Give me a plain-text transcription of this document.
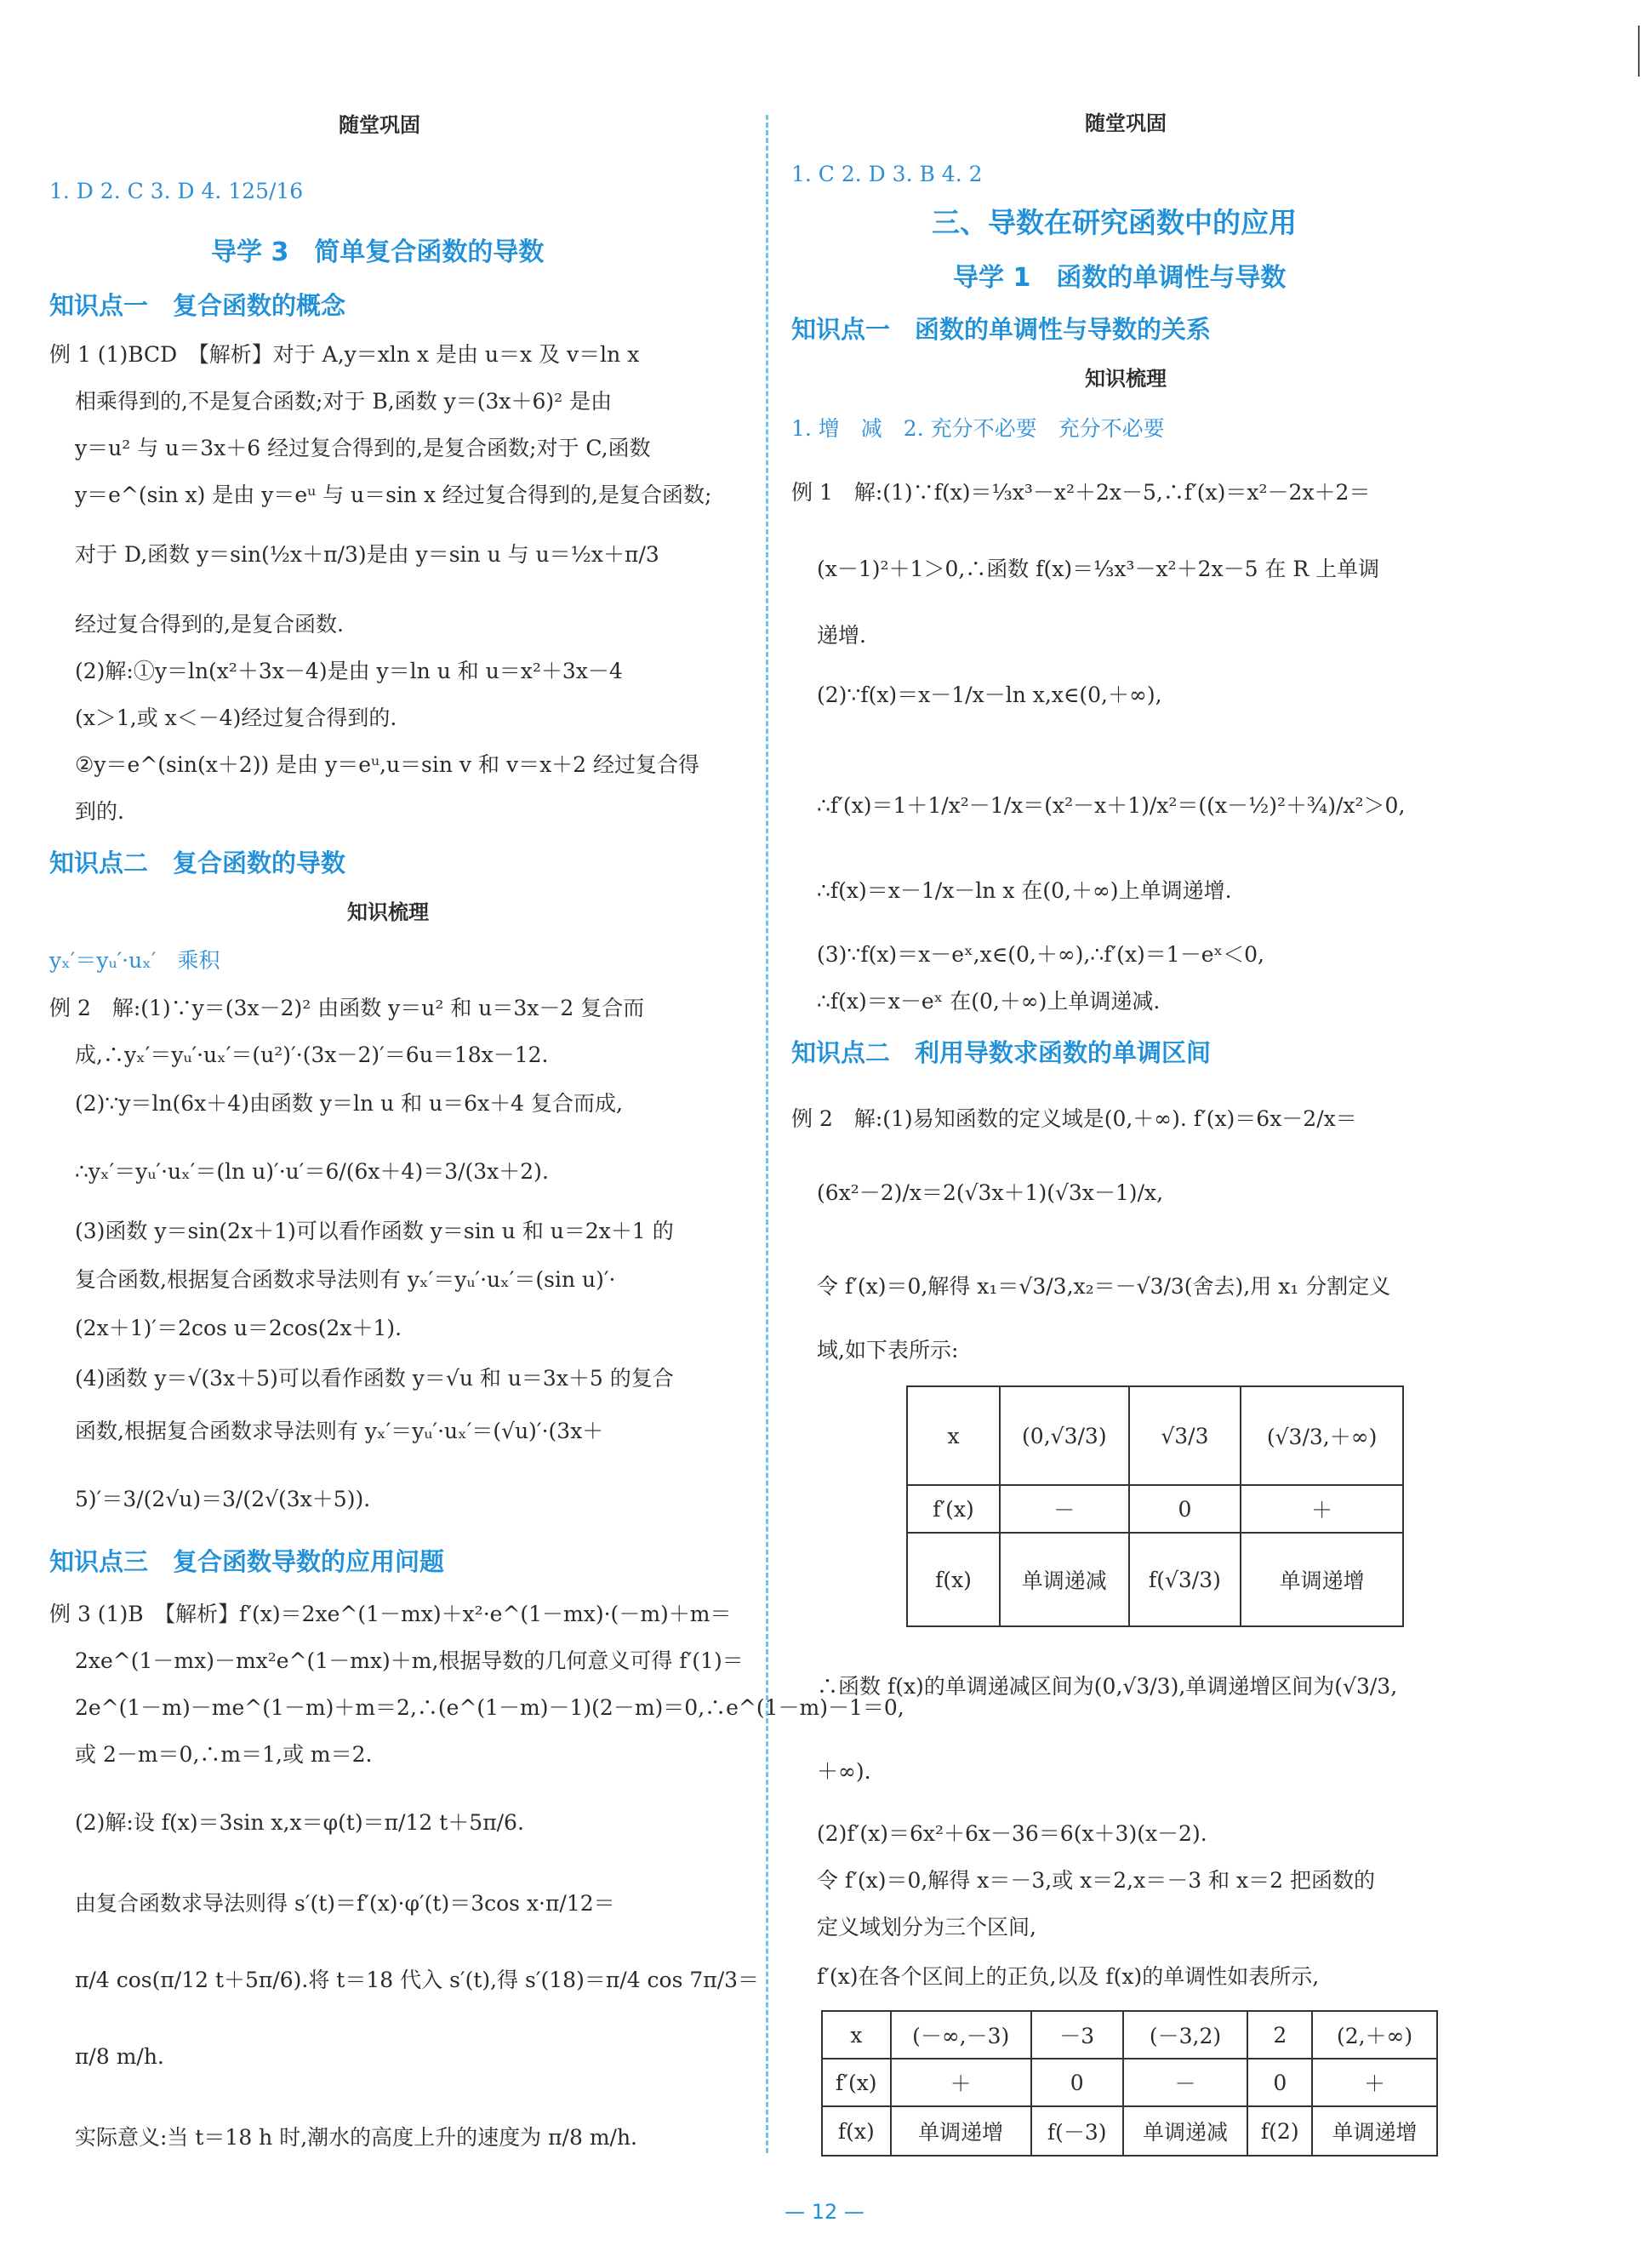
随堂巩固
1. D 2. C 3. D 4. 125/16
导学 3　简单复合函数的导数
知识点一　复合函数的概念
例 1 (1)BCD　【解析】对于 A,y＝xln x 是由 u＝x 及 v＝ln x
相乘得到的,不是复合函数;对于 B,函数 y＝(3x＋6)² 是由
y＝u² 与 u＝3x＋6 经过复合得到的,是复合函数;对于 C,函数
y＝e^(sin x) 是由 y＝eᵘ 与 u＝sin x 经过复合得到的,是复合函数;
对于 D,函数 y＝sin(½x＋π/3)是由 y＝sin u 与 u＝½x＋π/3
经过复合得到的,是复合函数.
(2)解:①y＝ln(x²＋3x－4)是由 y＝ln u 和 u＝x²＋3x－4
(x＞1,或 x＜－4)经过复合得到的.
②y＝e^(sin(x＋2)) 是由 y＝eᵘ,u＝sin v 和 v＝x＋2 经过复合得
到的.
知识点二　复合函数的导数
知识梳理
yₓ′＝yᵤ′·uₓ′　乘积
例 2　解:(1)∵y＝(3x－2)² 由函数 y＝u² 和 u＝3x－2 复合而
成,∴yₓ′＝yᵤ′·uₓ′＝(u²)′·(3x－2)′＝6u＝18x－12.
(2)∵y＝ln(6x＋4)由函数 y＝ln u 和 u＝6x＋4 复合而成,
∴yₓ′＝yᵤ′·uₓ′＝(ln u)′·u′＝6/(6x＋4)＝3/(3x＋2).
(3)函数 y＝sin(2x＋1)可以看作函数 y＝sin u 和 u＝2x＋1 的
复合函数,根据复合函数求导法则有 yₓ′＝yᵤ′·uₓ′＝(sin u)′·
(2x＋1)′＝2cos u＝2cos(2x＋1).
(4)函数 y＝√(3x＋5)可以看作函数 y＝√u 和 u＝3x＋5 的复合
函数,根据复合函数求导法则有 yₓ′＝yᵤ′·uₓ′＝(√u)′·(3x＋
5)′＝3/(2√u)＝3/(2√(3x＋5)).
知识点三　复合函数导数的应用问题
例 3 (1)B　【解析】f′(x)＝2xe^(1－mx)＋x²·e^(1－mx)·(－m)＋m＝
2xe^(1－mx)－mx²e^(1－mx)＋m,根据导数的几何意义可得 f′(1)＝
2e^(1－m)－me^(1－m)＋m＝2,∴(e^(1－m)－1)(2－m)＝0,∴e^(1－m)－1＝0,
或 2－m＝0,∴m＝1,或 m＝2.
(2)解:设 f(x)＝3sin x,x＝φ(t)＝π/12 t＋5π/6.
由复合函数求导法则得 s′(t)＝f′(x)·φ′(t)＝3cos x·π/12＝
π/4 cos(π/12 t＋5π/6).将 t＝18 代入 s′(t),得 s′(18)＝π/4 cos 7π/3＝
π/8 m/h.
实际意义:当 t＝18 h 时,潮水的高度上升的速度为 π/8 m/h.
随堂巩固
1. C 2. D 3. B 4. 2
三、导数在研究函数中的应用
导学 1　函数的单调性与导数
知识点一　函数的单调性与导数的关系
知识梳理
1. 增　减　2. 充分不必要　充分不必要
例 1　解:(1)∵f(x)＝⅓x³－x²＋2x－5,∴f′(x)＝x²－2x＋2＝
(x－1)²＋1＞0,∴函数 f(x)＝⅓x³－x²＋2x－5 在 R 上单调
递增.
(2)∵f(x)＝x－1/x－ln x,x∈(0,＋∞),
∴f′(x)＝1＋1/x²－1/x＝(x²－x＋1)/x²＝((x－½)²＋¾)/x²＞0,
∴f(x)＝x－1/x－ln x 在(0,＋∞)上单调递增.
(3)∵f(x)＝x－eˣ,x∈(0,＋∞),∴f′(x)＝1－eˣ＜0,
∴f(x)＝x－eˣ 在(0,＋∞)上单调递减.
知识点二　利用导数求函数的单调区间
例 2　解:(1)易知函数的定义域是(0,＋∞). f′(x)＝6x－2/x＝
(6x²－2)/x＝2(√3x＋1)(√3x－1)/x,
令 f′(x)＝0,解得 x₁＝√3/3,x₂＝－√3/3(舍去),用 x₁ 分割定义
域,如下表所示:
x	(0,√3/3)	√3/3	(√3/3,＋∞)
f′(x)	－	0	＋
f(x)	单调递减	f(√3/3)	单调递增
∴函数 f(x)的单调递减区间为(0,√3/3),单调递增区间为(√3/3,
＋∞).
(2)f′(x)＝6x²＋6x－36＝6(x＋3)(x－2).
令 f′(x)＝0,解得 x＝－3,或 x＝2,x＝－3 和 x＝2 把函数的
定义域划分为三个区间,
f′(x)在各个区间上的正负,以及 f(x)的单调性如表所示,
x	(－∞,－3)	－3	(－3,2)	2	(2,＋∞)
f′(x)	＋	0	－	0	＋
f(x)	单调递增	f(－3)	单调递减	f(2)	单调递增
— 12 —
